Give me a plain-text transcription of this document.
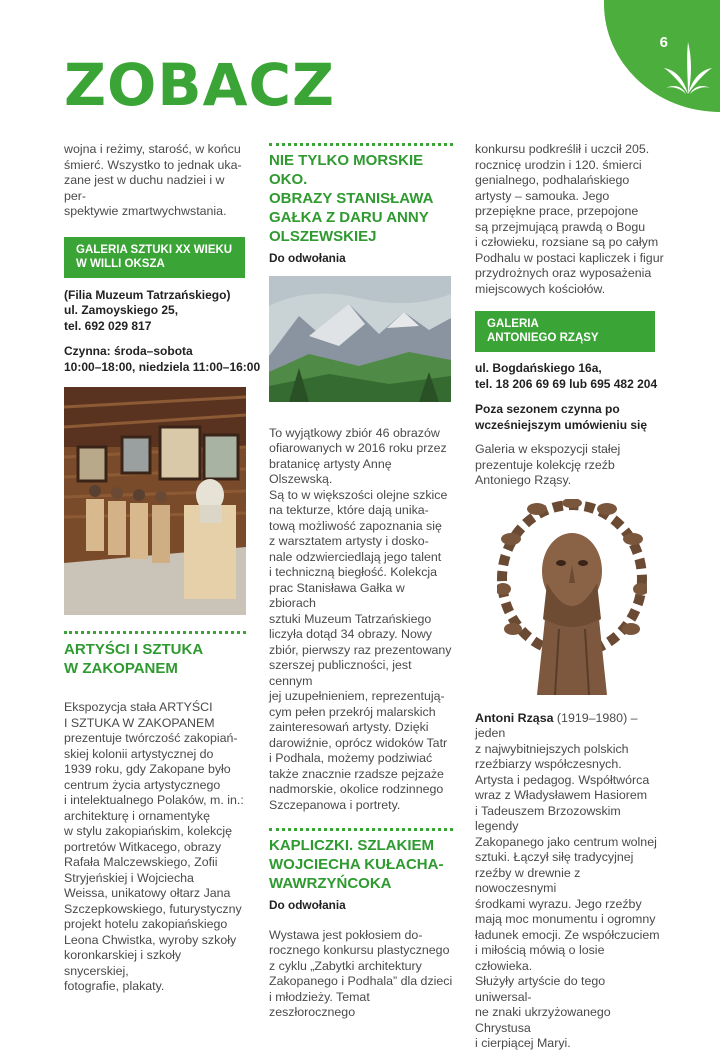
6
ZOBACZ

wojna i reżimy, starość, w końcu

śmierć. Wszystko to jednak uka-

zane jest w duchu nadziei i w per-

spektywie zmartwychwstania.

GALERIA SZTUKI XX WIEKU
W WILLI OKSZA

(Filia Muzeum Tatrzańskiego)

ul. Zamoyskiego 25,

tel. 692 029 817

Czynna: środa–sobota

10:00–18:00, niedziela 11:00–16:00

ARTYŚCI I SZTUKA
W ZAKOPANEM

Ekspozycja stała ARTYŚCI

I SZTUKA W ZAKOPANEM

prezentuje twórczość zakopiań-

skiej kolonii artystycznej do

1939 roku, gdy Zakopane było

centrum życia artystycznego

i intelektualnego Polaków, m. in.:

architekturę i ornamentykę

w stylu zakopiańskim, kolekcję

portretów Witkacego, obrazy

Rafała Malczewskiego, Zofii

Stryjeńskiej i Wojciecha

Weissa, unikatowy ołtarz Jana

Szczepkowskiego, futurystyczny

projekt hotelu zakopiańskiego

Leona Chwistka, wyroby szkoły

koronkarskiej i szkoły snycerskiej,

fotografie, plakaty.

NIE TYLKO MORSKIE OKO.
OBRAZY STANISŁAWA
GAŁKA Z DARU ANNY
OLSZEWSKIEJ
Do odwołania

To wyjątkowy zbiór 46 obrazów

ofiarowanych w 2016 roku przez

bratanicę artysty Annę Olszewską.

Są to w większości olejne szkice

na tekturze, które dają unika-

tową możliwość zapoznania się

z warsztatem artysty i dosko-

nale odzwierciedlają jego talent

i techniczną biegłość. Kolekcja

prac Stanisława Gałka w zbiorach

sztuki Muzeum Tatrzańskiego

liczyła dotąd 34 obrazy. Nowy

zbiór, pierwszy raz prezentowany

szerszej publiczności, jest cennym

jej uzupełnieniem, reprezentują-

cym pełen przekrój malarskich

zainteresowań artysty. Dzięki

darowiźnie, oprócz widoków Tatr

i Podhala, możemy podziwiać

także znacznie rzadsze pejzaże

nadmorskie, okolice rodzinnego

Szczepanowa i portrety.

KAPLICZKI. SZLAKIEM
WOJCIECHA KUŁACHA-
WAWRZYŃCOKA
Do odwołania

Wystawa jest pokłosiem do-

rocznego konkursu plastycznego

z cyklu „Zabytki architektury

Zakopanego i Podhala” dla dzieci

i młodzieży. Temat zeszłorocznego

konkursu podkreślił i uczcił 205.

rocznicę urodzin i 120. śmierci

genialnego, podhalańskiego

artysty – samouka. Jego

przepiękne prace, przepojone

są przejmującą prawdą o Bogu

i człowieku, rozsiane są po całym

Podhalu w postaci kapliczek i figur

przydrożnych oraz wyposażenia

miejscowych kościołów.

GALERIA
ANTONIEGO RZĄSY

ul. Bogdańskiego 16a,

tel. 18 206 69 69 lub 695 482 204

Poza sezonem czynna po

wcześniejszym umówieniu się

Galeria w ekspozycji stałej

prezentuje kolekcję rzeźb

Antoniego Rząsy.

Antoni Rząsa (1919–1980) – jeden

z najwybitniejszych polskich

rzeźbiarzy współczesnych.

Artysta i pedagog. Współtwórca

wraz z Władysławem Hasiorem

i Tadeuszem Brzozowskim legendy

Zakopanego jako centrum wolnej

sztuki. Łączył siłę tradycyjnej

rzeźby w drewnie z nowoczesnymi

środkami wyrazu. Jego rzeźby

mają moc monumentu i ogromny

ładunek emocji. Ze współczuciem

i miłością mówią o losie człowieka.

Służyły artyście do tego uniwersal-

ne znaki ukrzyżowanego Chrystusa

i cierpiącej Maryi.
